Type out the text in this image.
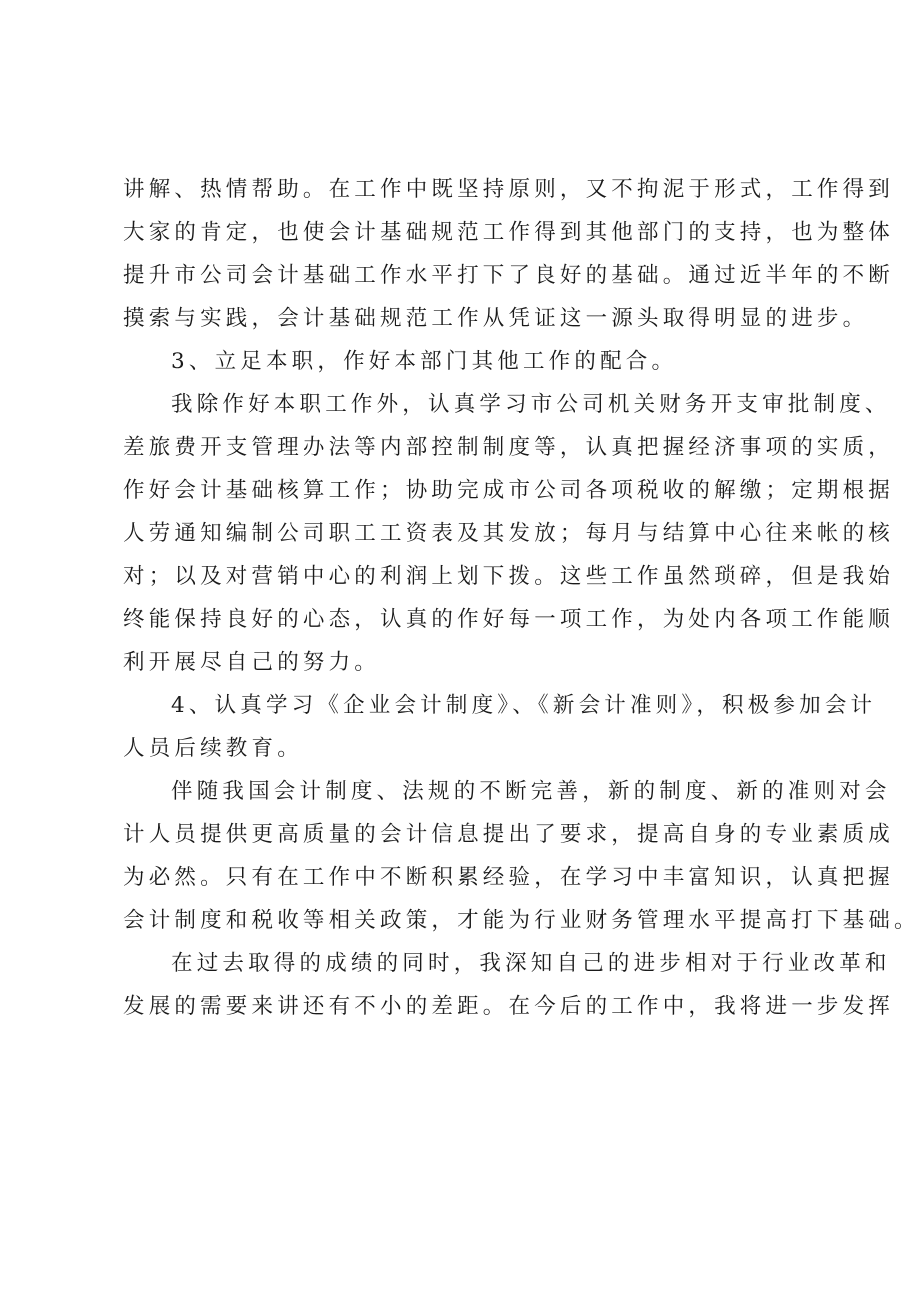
讲解、热情帮助。在工作中既坚持原则，又不拘泥于形式，工作得到
大家的肯定，也使会计基础规范工作得到其他部门的支持，也为整体
提升市公司会计基础工作水平打下了良好的基础。通过近半年的不断
摸索与实践，会计基础规范工作从凭证这一源头取得明显的进步。
3、立足本职，作好本部门其他工作的配合。
我除作好本职工作外，认真学习市公司机关财务开支审批制度、
差旅费开支管理办法等内部控制制度等，认真把握经济事项的实质，
作好会计基础核算工作；协助完成市公司各项税收的解缴；定期根据
人劳通知编制公司职工工资表及其发放；每月与结算中心往来帐的核
对；以及对营销中心的利润上划下拨。这些工作虽然琐碎，但是我始
终能保持良好的心态，认真的作好每一项工作，为处内各项工作能顺
利开展尽自己的努力。
4、认真学习《企业会计制度》、《新会计准则》，积极参加会计
人员后续教育。
伴随我国会计制度、法规的不断完善，新的制度、新的准则对会
计人员提供更高质量的会计信息提出了要求，提高自身的专业素质成
为必然。只有在工作中不断积累经验，在学习中丰富知识，认真把握
会计制度和税收等相关政策，才能为行业财务管理水平提高打下基础。
在过去取得的成绩的同时，我深知自己的进步相对于行业改革和
发展的需要来讲还有不小的差距。在今后的工作中，我将进一步发挥
